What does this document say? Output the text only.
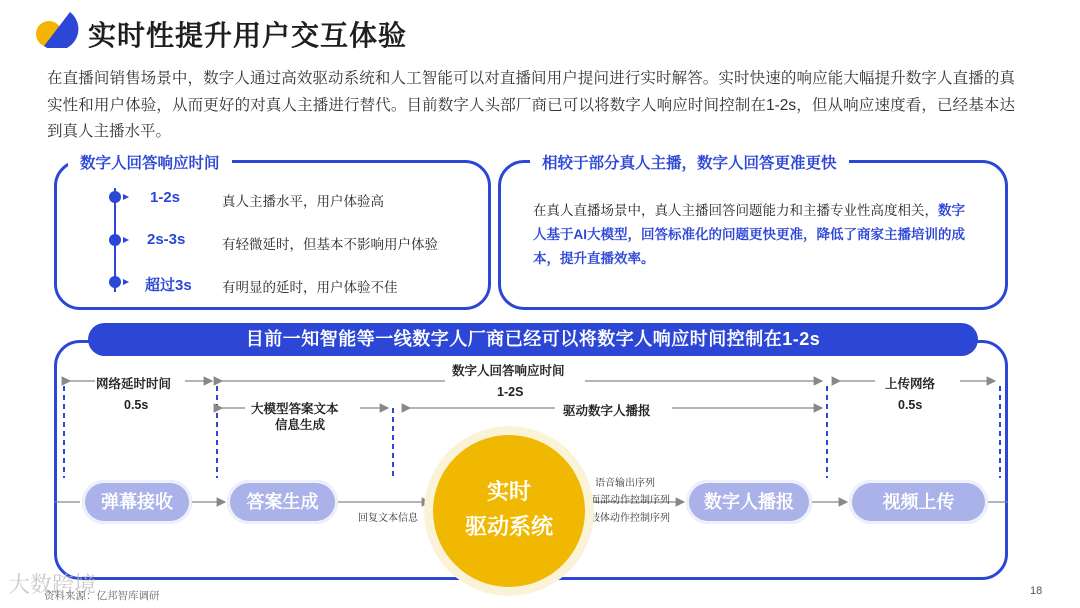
实时性提升用户交互体验
在直播间销售场景中，数字人通过高效驱动系统和人工智能可以对直播间用户提问进行实时解答。实时快速的响应能大幅提升数字人直播的真实性和用户体验，从而更好的对真人主播进行替代。目前数字人头部厂商已可以将数字人响应时间控制在1-2s，但从响应速度看，已经基本达到真人主播水平。
数字人回答响应时间
1-2s	真人主播水平，用户体验高
2s-3s	有轻微延时，但基本不影响用户体验
超过3s 有明显的延时，用户体验不佳
相较于部分真人主播，数字人回答更准更快
在真人直播场景中，真人主播回答问题能力和主播专业性高度相关，数字人基于AI大模型，回答标准化的问题更快更准，降低了商家主播培训的成本，提升直播效率。
目前一知智能等一线数字人厂商已经可以将数字人响应时间控制在1-2s
网络延时时间
0.5s
数字人回答响应时间
1-2S
大模型答案文本
信息生成
驱动数字人播报
上传网络
0.5s
弹幕接收	答案生成	数字人播报	视频上传
回复文本信息
语音输出序列
面部动作控制序列
肢体动作控制序列
实时
驱动系统
大数跨境
资料来源：亿邦智库调研	18
